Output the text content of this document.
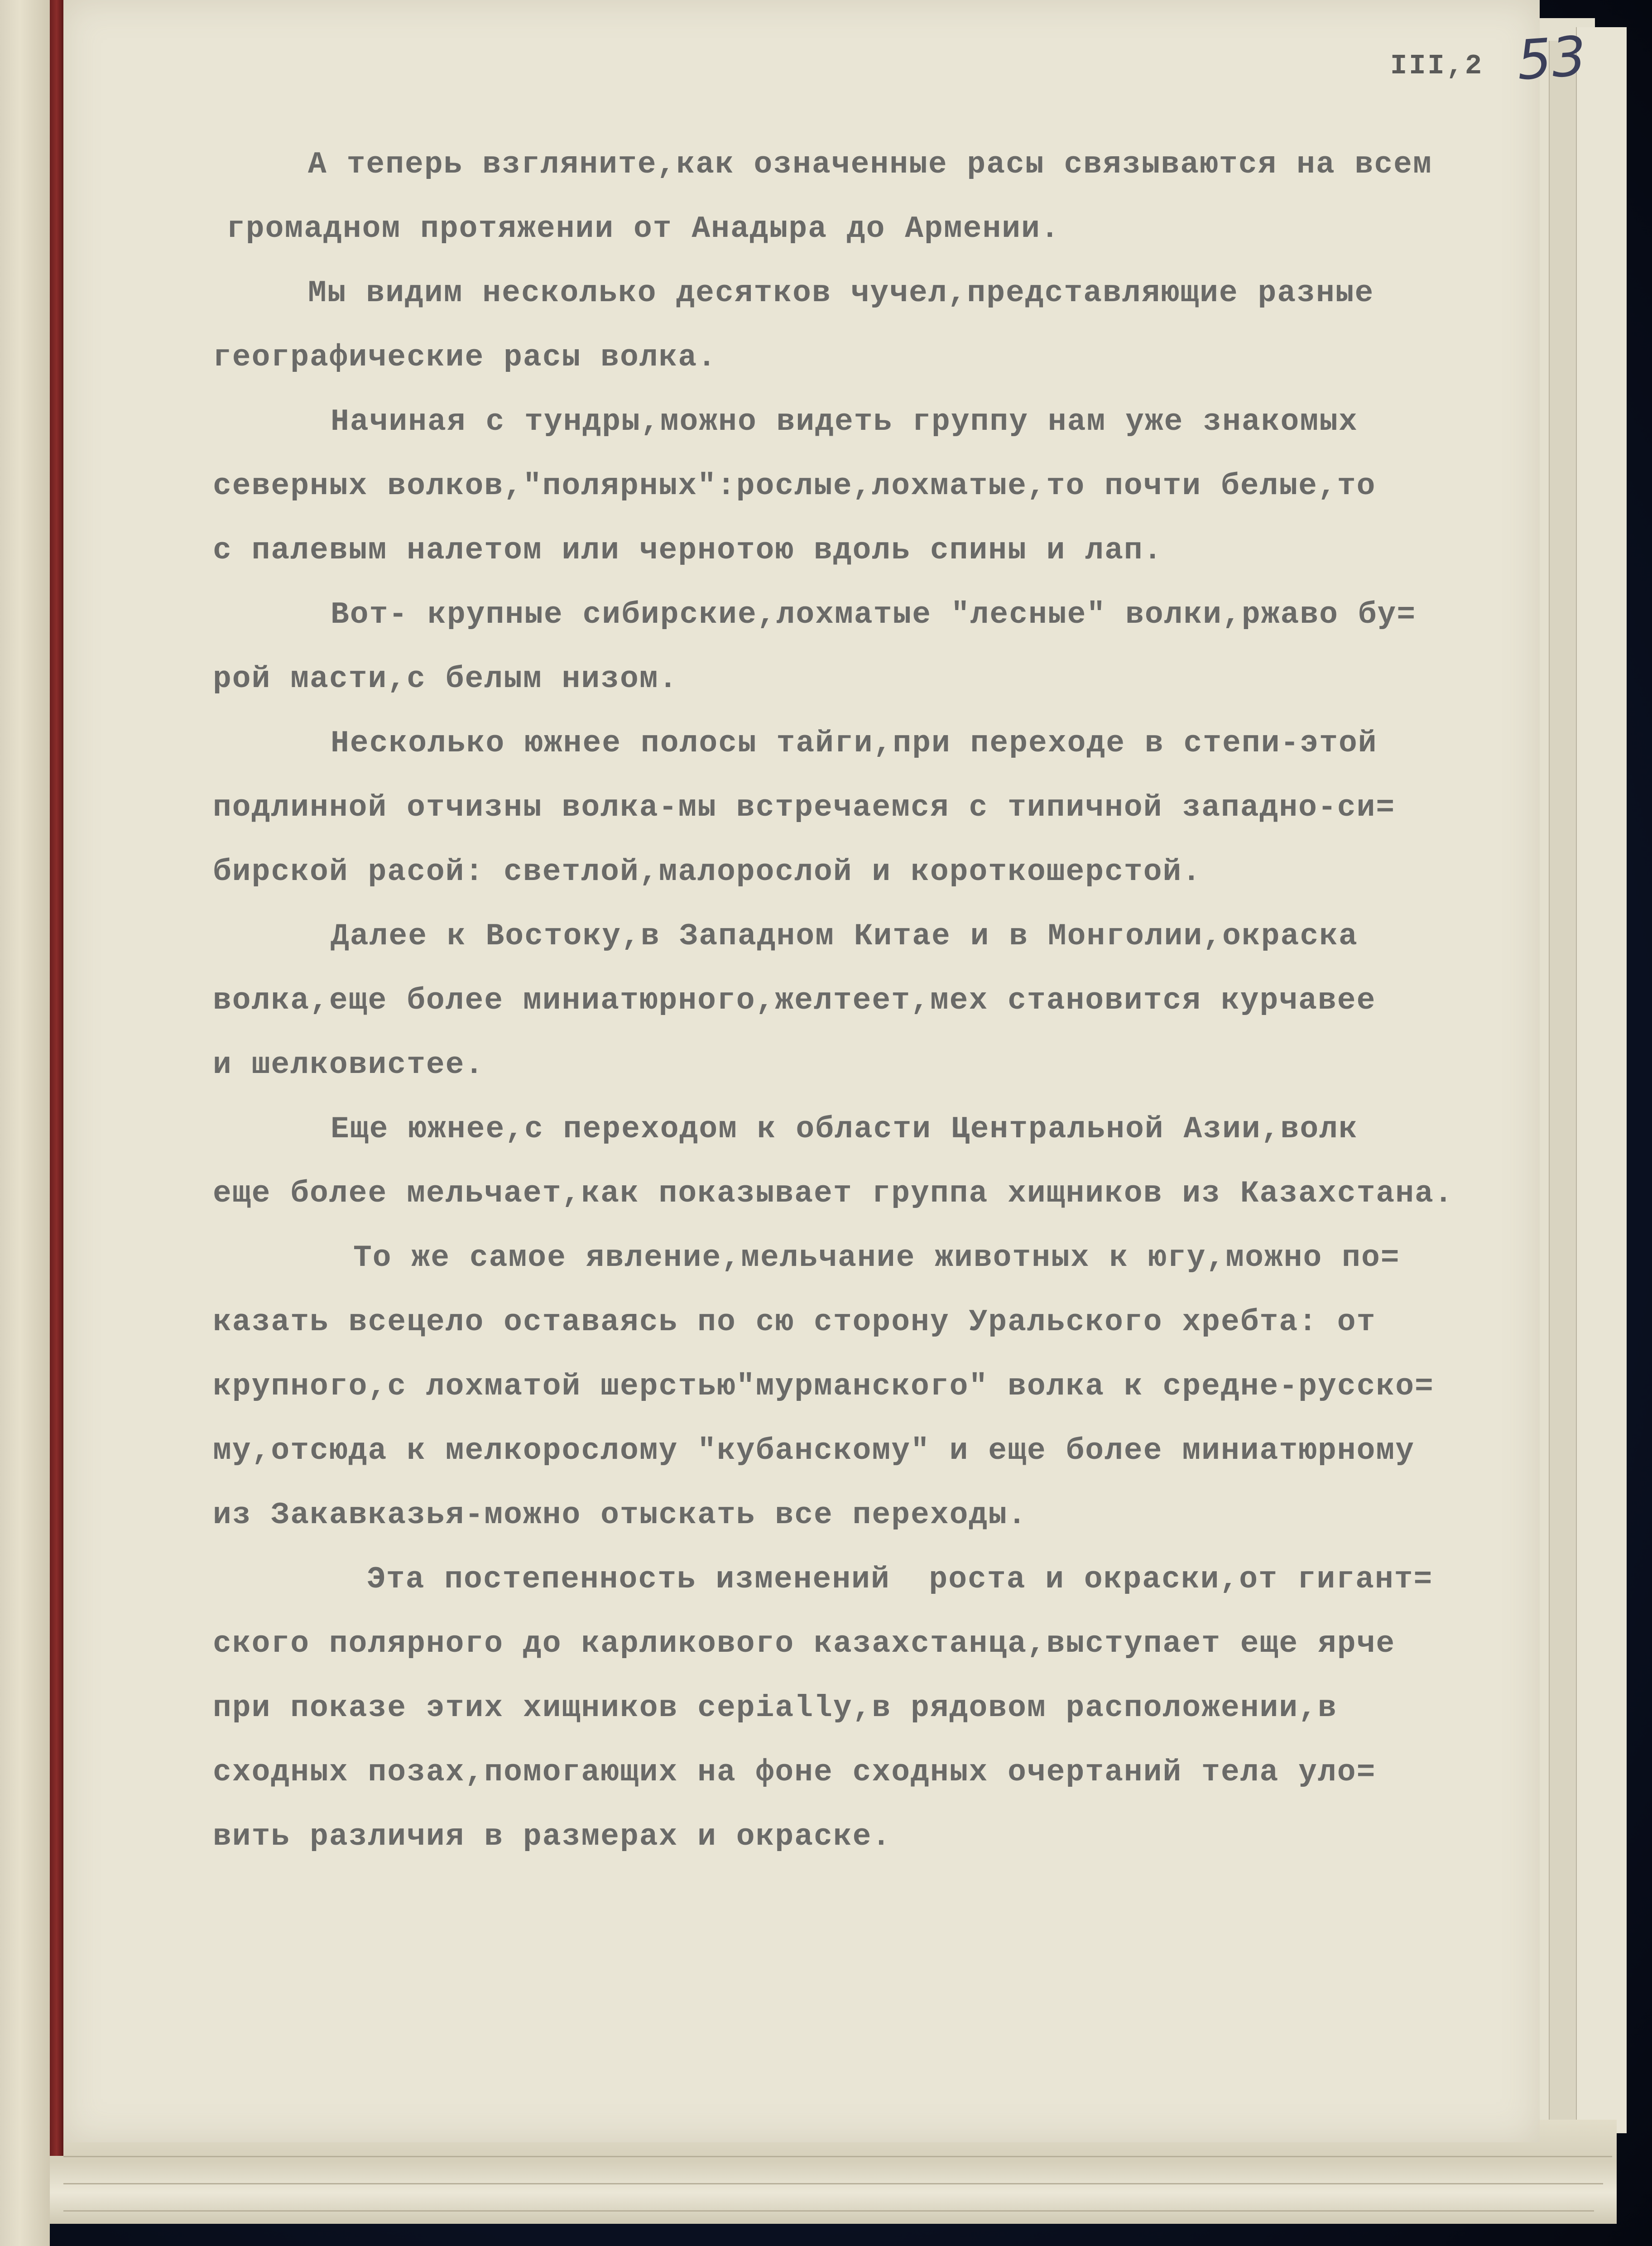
III,2 53
А теперь взгляните,как означенные расы связываются на всем
громадном протяжении от Анадыра до Армении.
Мы видим несколько десятков чучел,представляющие разные
географические расы волка.
Начиная с тундры,можно видеть группу нам уже знакомых
северных волков,"полярных":рослые,лохматые,то почти белые,то
с палевым налетом или чернотою вдоль спины и лап.
Вот- крупные сибирские,лохматые "лесные" волки,ржаво бу=
рой масти,с белым низом.
Несколько южнее полосы тайги,при переходе в степи-этой
подлинной отчизны волка-мы встречаемся с типичной западно-си=
бирской расой: светлой,малорослой и короткошерстой.
Далее к Востоку,в Западном Китае и в Монголии,окраска
волка,еще более миниатюрного,желтеет,мех становится курчавее
и шелковистее.
Еще южнее,с переходом к области Центральной Азии,волк
еще более мельчает,как показывает группа хищников из Казахстана.
То же самое явление,мельчание животных к югу,можно по=
казать всецело оставаясь по сю сторону Уральского хребта: от
крупного,с лохматой шерстью"мурманского" волка к средне-русско=
му,отсюда к мелкорослому "кубанскому" и еще более миниатюрному
из Закавказья-можно отыскать все переходы.
Эта постепенность изменений  роста и окраски,от гигант=
ского полярного до карликового казахстанца,выступает еще ярче
при показе этих хищников серially,в рядовом расположении,в
сходных позах,помогающих на фоне сходных очертаний тела уло=
вить различия в размерах и окраске.
